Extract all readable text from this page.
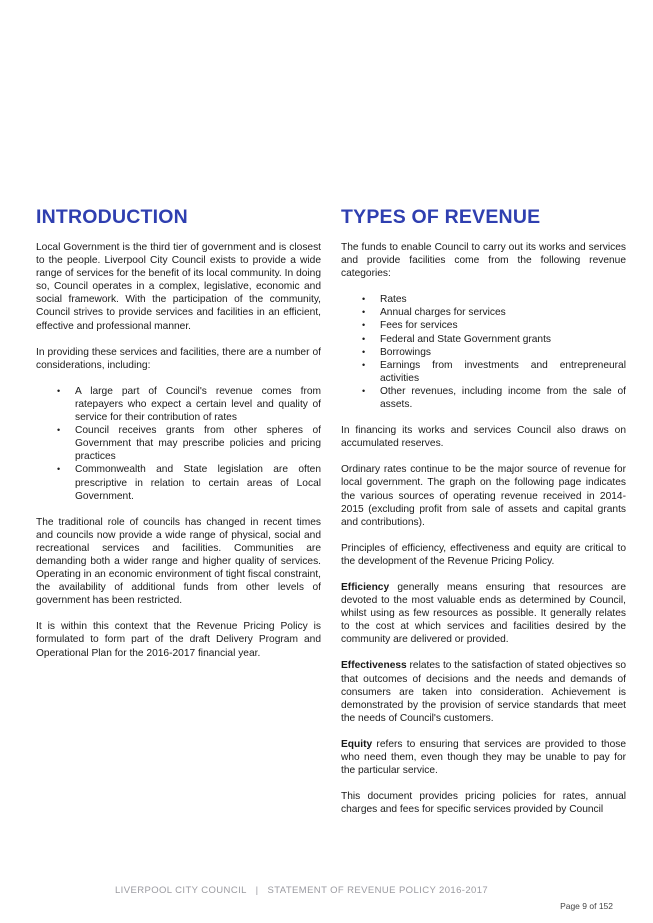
INTRODUCTION

Local Government is the third tier of government and is closest to the people. Liverpool City Council exists to provide a wide range of services for the benefit of its local community. In doing so, Council operates in a complex, legislative, economic and social framework. With the participation of the community, Council strives to provide services and facilities in an efficient, effective and professional manner.

In providing these services and facilities, there are a number of considerations, including:

• A large part of Council's revenue comes from ratepayers who expect a certain level and quality of service for their contribution of rates
• Council receives grants from other spheres of Government that may prescribe policies and pricing practices
• Commonwealth and State legislation are often prescriptive in relation to certain areas of Local Government.

The traditional role of councils has changed in recent times and councils now provide a wide range of physical, social and recreational services and facilities. Communities are demanding both a wider range and higher quality of services. Operating in an economic environment of tight fiscal constraint, the availability of additional funds from other levels of government has been restricted.

It is within this context that the Revenue Pricing Policy is formulated to form part of the draft Delivery Program and Operational Plan for the 2016-2017 financial year.

TYPES OF REVENUE

The funds to enable Council to carry out its works and services and provide facilities come from the following revenue categories:

• Rates
• Annual charges for services
• Fees for services
• Federal and State Government grants
• Borrowings
• Earnings from investments and entrepreneural activities
• Other revenues, including income from the sale of assets.

In financing its works and services Council also draws on accumulated reserves.

Ordinary rates continue to be the major source of revenue for local government. The graph on the following page indicates the various sources of operating revenue received in 2014-2015 (excluding profit from sale of assets and capital grants and contributions).

Principles of efficiency, effectiveness and equity are critical to the development of the Revenue Pricing Policy.

Efficiency generally means ensuring that resources are devoted to the most valuable ends as determined by Council, whilst using as few resources as possible. It generally relates to the cost at which services and facilities desired by the community are delivered or provided.

Effectiveness relates to the satisfaction of stated objectives so that outcomes of decisions and the needs and demands of consumers are taken into consideration. Achievement is demonstrated by the provision of service standards that meet the needs of Council's customers.

Equity refers to ensuring that services are provided to those who need them, even though they may be unable to pay for the particular service.

This document provides pricing policies for rates, annual charges and fees for specific services provided by Council

LIVERPOOL CITY COUNCIL   |   STATEMENT OF REVENUE POLICY 2016-2017
Page 9 of 152
